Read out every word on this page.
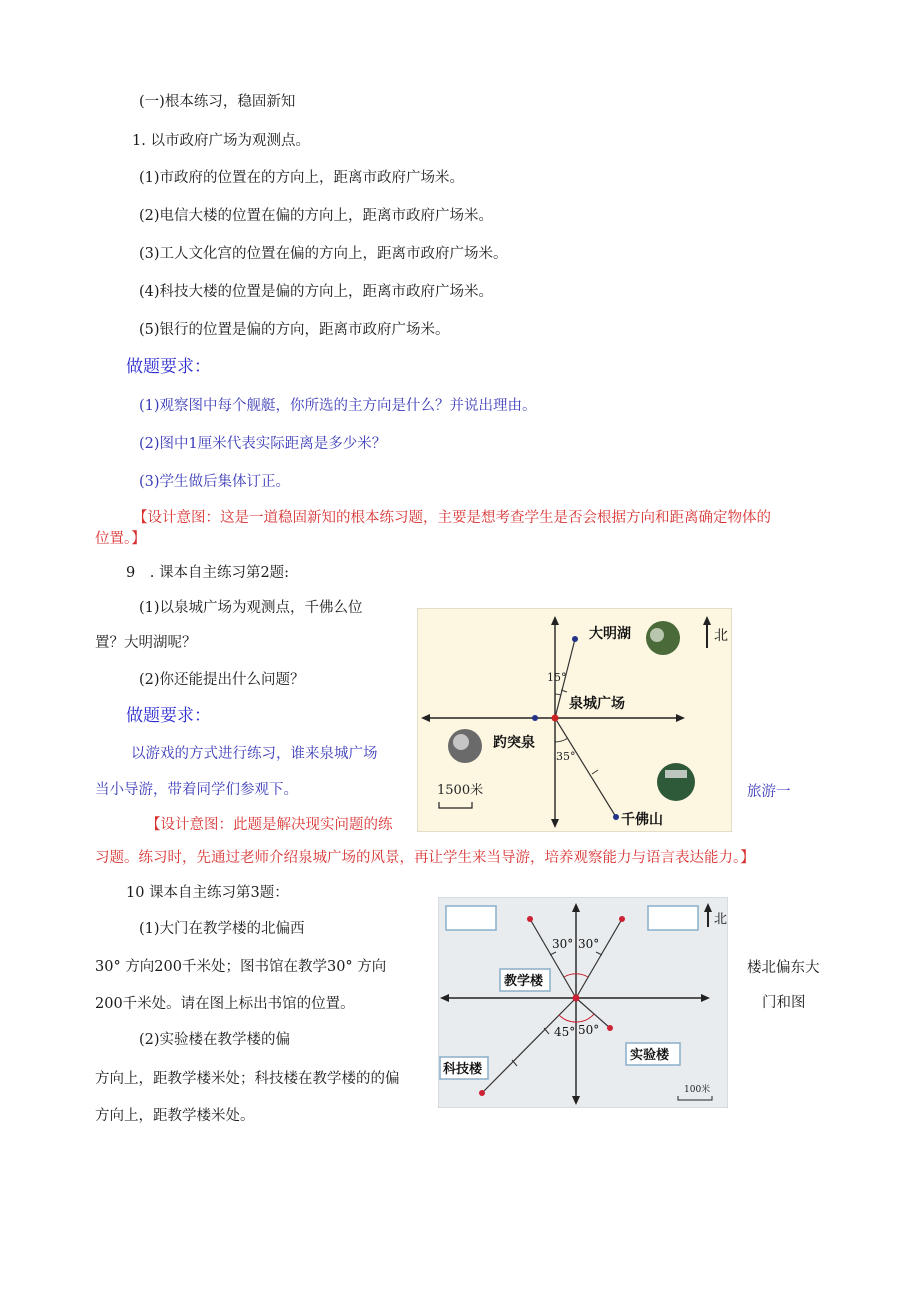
(一)根本练习，稳固新知
1. 以市政府广场为观测点。
(1)市政府的位置在的方向上，距离市政府广场米。
(2)电信大楼的位置在偏的方向上，距离市政府广场米。
(3)工人文化宫的位置在偏的方向上，距离市政府广场米。
(4)科技大楼的位置是偏的方向上，距离市政府广场米。
(5)银行的位置是偏的方向，距离市政府广场米。
做题要求：
(1)观察图中每个舰艇，你所选的主方向是什么？并说出理由。
(2)图中1厘米代表实际距离是多少米？
(3)学生做后集体订正。
【设计意图：这是一道稳固新知的根本练习题，主要是想考查学生是否会根据方向和距离确定物体的
位置。】
9　. 课本自主练习第2题:
(1)以泉城广场为观测点，千佛么位
置？大明湖呢？
(2)你还能提出什么问题？
做题要求：
以游戏的方式进行练习，谁来泉城广场
当小导游，带着同学们参观下。	旅游一
【设计意图：此题是解决现实问题的练
习题。练习时，先通过老师介绍泉城广场的风景，再让学生来当导游，培养观察能力与语言表达能力。】
北
大明湖
泉城广场
趵突泉
千佛山
15°
35°
1500米
10 课本自主练习第3题：
(1)大门在教学楼的北偏西
30° 方向200千米处；图书馆在教学30° 方向
200千米处。请在图上标出书馆的位置。
楼北偏东大
门和图
(2)实验楼在教学楼的偏
方向上，距教学楼米处；科技楼在教学楼的的偏
方向上，距教学楼米处。
教学楼
实验楼
科技楼
30° 30°
45° 50°
北
100米
